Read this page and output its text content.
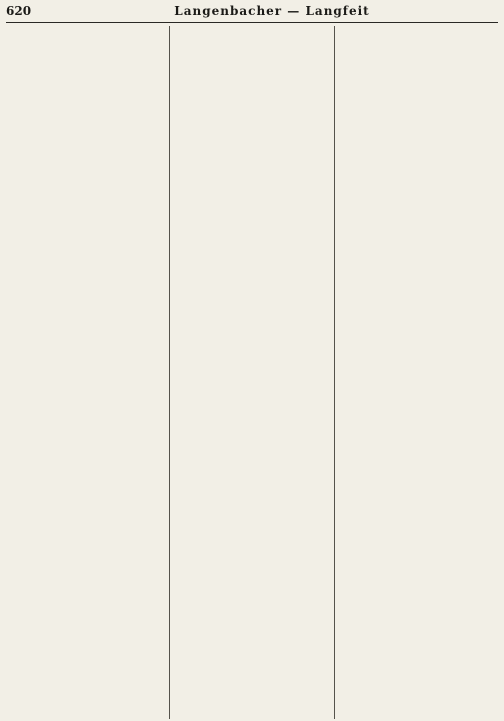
620	Langenbacher — Langfeit
